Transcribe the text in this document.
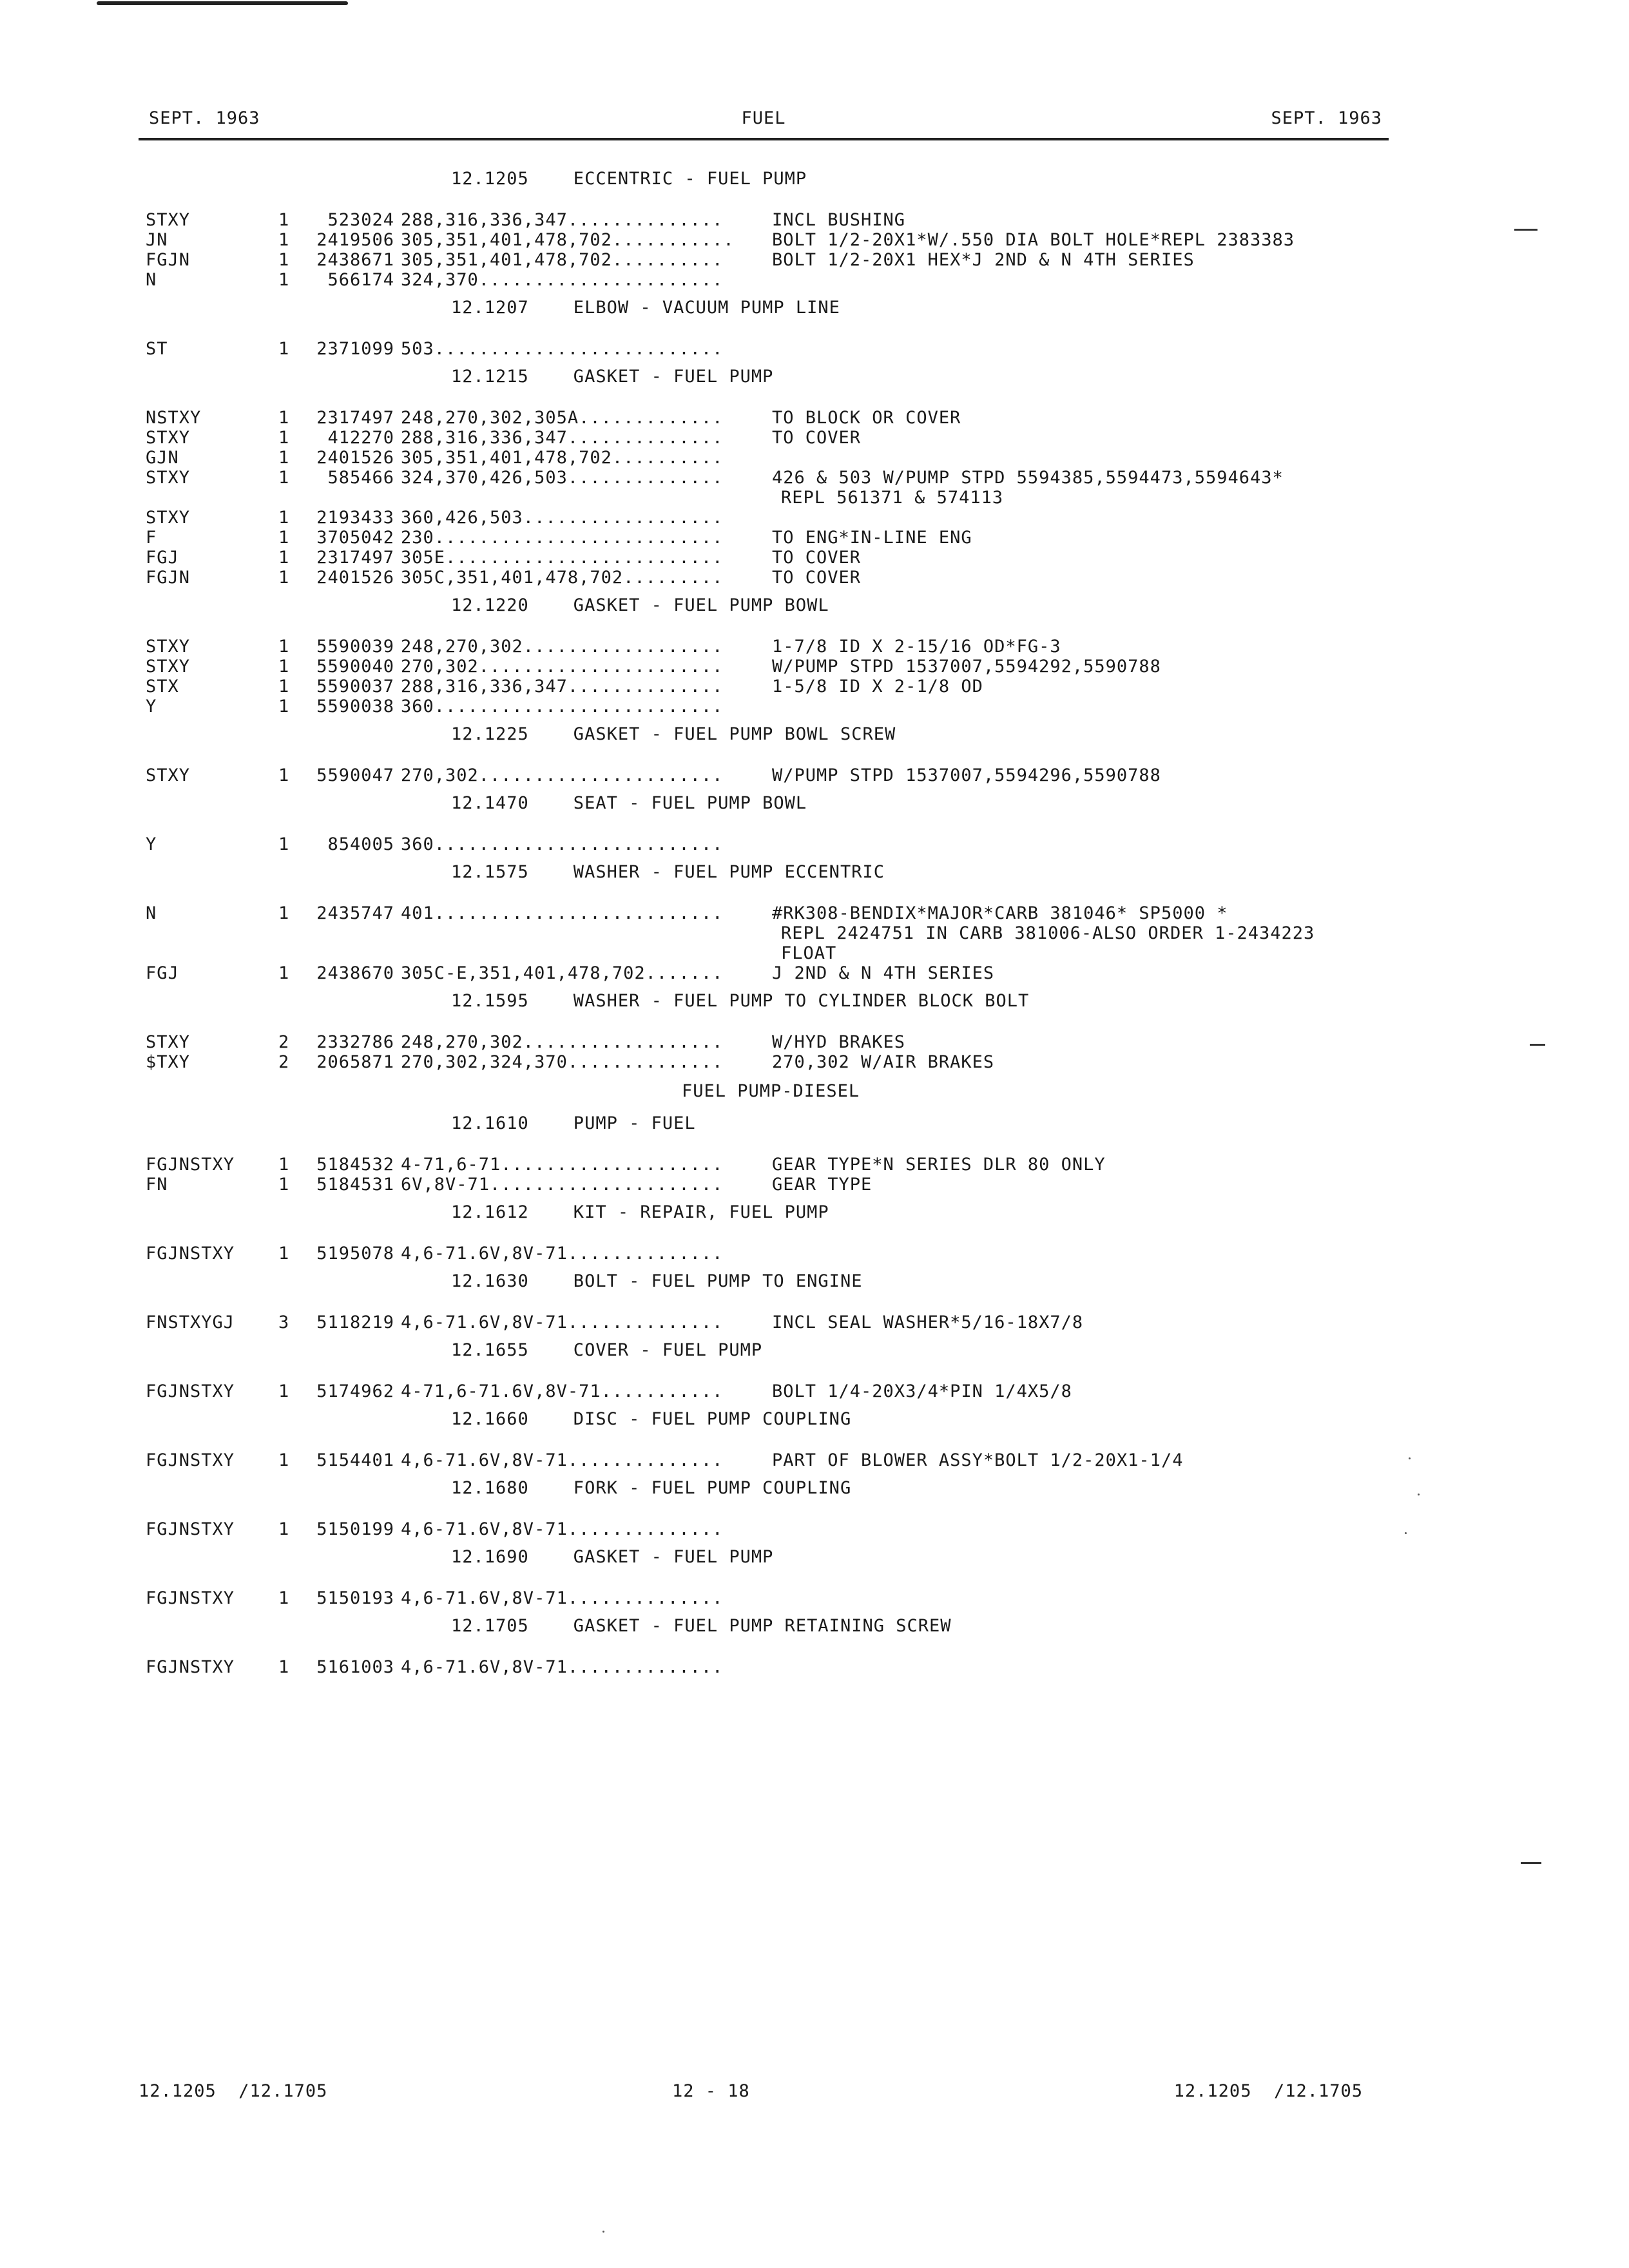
SEPT. 1963	FUEL	SEPT. 1963
12.1205    ECCENTRIC - FUEL PUMP
STXY	1	523024 288,316,336,347..............	INCL BUSHING
JN	1	2419506 305,351,401,478,702........... BOLT 1/2-20X1*W/.550 DIA BOLT HOLE*REPL 2383383
FGJN	1	2438671 305,351,401,478,702..........	BOLT 1/2-20X1 HEX*J 2ND & N 4TH SERIES
N	1	566174 324,370......................
12.1207    ELBOW - VACUUM PUMP LINE
ST	1	2371099 503..........................
12.1215    GASKET - FUEL PUMP
NSTXY	1	2317497 248,270,302,305A.............	TO BLOCK OR COVER
STXY	1	412270 288,316,336,347..............	TO COVER
GJN	1	2401526 305,351,401,478,702..........
STXY	1	585466 324,370,426,503..............	426 & 503 W/PUMP STPD 5594385,5594473,5594643*
REPL 561371 & 574113
STXY	1	2193433 360,426,503..................
F	1	3705042 230..........................	TO ENG*IN-LINE ENG
FGJ	1	2317497 305E.........................	TO COVER
FGJN	1	2401526 305C,351,401,478,702.........	TO COVER
12.1220    GASKET - FUEL PUMP BOWL
STXY	1	5590039 248,270,302..................	1-7/8 ID X 2-15/16 OD*FG-3
STXY	1	5590040 270,302......................	W/PUMP STPD 1537007,5594292,5590788
STX	1	5590037 288,316,336,347..............	1-5/8 ID X 2-1/8 OD
Y	1	5590038 360..........................
12.1225    GASKET - FUEL PUMP BOWL SCREW
STXY	1	5590047 270,302......................	W/PUMP STPD 1537007,5594296,5590788
12.1470    SEAT - FUEL PUMP BOWL
Y	1	854005 360..........................
12.1575    WASHER - FUEL PUMP ECCENTRIC
N	1	2435747 401..........................	#RK308-BENDIX*MAJOR*CARB 381046* SP5000 *
REPL 2424751 IN CARB 381006-ALSO ORDER 1-2434223
FLOAT
FGJ	1	2438670 305C-E,351,401,478,702.......	J 2ND & N 4TH SERIES
12.1595    WASHER - FUEL PUMP TO CYLINDER BLOCK BOLT
STXY	2	2332786 248,270,302..................	W/HYD BRAKES
$TXY	2	2065871 270,302,324,370..............	270,302 W/AIR BRAKES
FUEL PUMP-DIESEL
12.1610    PUMP - FUEL
FGJNSTXY	1	5184532 4-71,6-71....................	GEAR TYPE*N SERIES DLR 80 ONLY
FN	1	5184531 6V,8V-71.....................	GEAR TYPE
12.1612    KIT - REPAIR, FUEL PUMP
FGJNSTXY	1	5195078 4,6-71.6V,8V-71..............
12.1630    BOLT - FUEL PUMP TO ENGINE
FNSTXYGJ	3	5118219 4,6-71.6V,8V-71..............	INCL SEAL WASHER*5/16-18X7/8
12.1655    COVER - FUEL PUMP
FGJNSTXY	1	5174962 4-71,6-71.6V,8V-71...........	BOLT 1/4-20X3/4*PIN 1/4X5/8
12.1660    DISC - FUEL PUMP COUPLING
FGJNSTXY	1	5154401 4,6-71.6V,8V-71..............	PART OF BLOWER ASSY*BOLT 1/2-20X1-1/4
12.1680    FORK - FUEL PUMP COUPLING
FGJNSTXY	1	5150199 4,6-71.6V,8V-71..............
12.1690    GASKET - FUEL PUMP
FGJNSTXY	1	5150193 4,6-71.6V,8V-71..............
12.1705    GASKET - FUEL PUMP RETAINING SCREW
FGJNSTXY	1	5161003 4,6-71.6V,8V-71..............
12.1205  /12.1705	12 - 18	12.1205  /12.1705
